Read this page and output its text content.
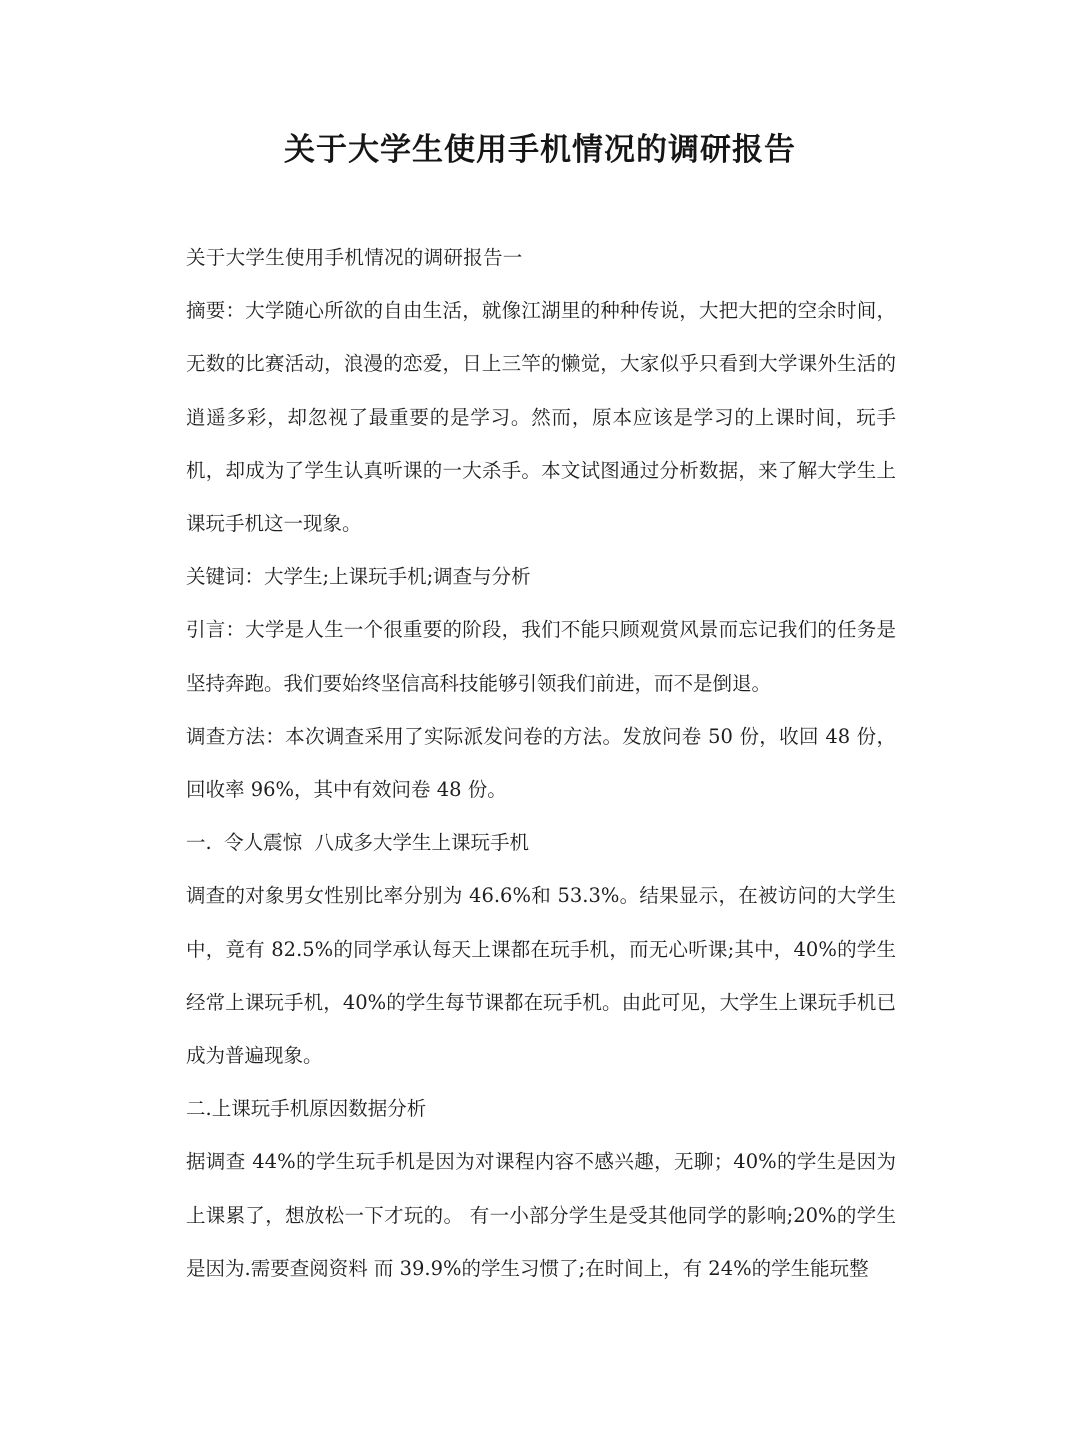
关于大学生使用手机情况的调研报告

关于大学生使用手机情况的调研报告一

摘要：大学随心所欲的自由生活，就像江湖里的种种传说，大把大把的空余时间，无数的比赛活动，浪漫的恋爱，日上三竿的懒觉，大家似乎只看到大学课外生活的逍遥多彩，却忽视了最重要的是学习。然而，原本应该是学习的上课时间，玩手机，却成为了学生认真听课的一大杀手。本文试图通过分析数据，来了解大学生上课玩手机这一现象。

关键词：大学生;上课玩手机;调查与分析

引言：大学是人生一个很重要的阶段，我们不能只顾观赏风景而忘记我们的任务是坚持奔跑。我们要始终坚信高科技能够引领我们前进，而不是倒退。

调查方法：本次调查采用了实际派发问卷的方法。发放问卷 50 份，收回 48 份，回收率 96%，其中有效问卷 48 份。

一.  令人震惊  八成多大学生上课玩手机

调查的对象男女性别比率分别为 46.6%和 53.3%。结果显示，在被访问的大学生中，竟有 82.5%的同学承认每天上课都在玩手机，而无心听课;其中，40%的学生经常上课玩手机，40%的学生每节课都在玩手机。由此可见，大学生上课玩手机已成为普遍现象。

二.上课玩手机原因数据分析

据调查 44%的学生玩手机是因为对课程内容不感兴趣，无聊；40%的学生是因为上课累了，想放松一下才玩的。 有一小部分学生是受其他同学的影响;20%的学生是因为.需要查阅资料 而 39.9%的学生习惯了;在时间上，有 24%的学生能玩整
